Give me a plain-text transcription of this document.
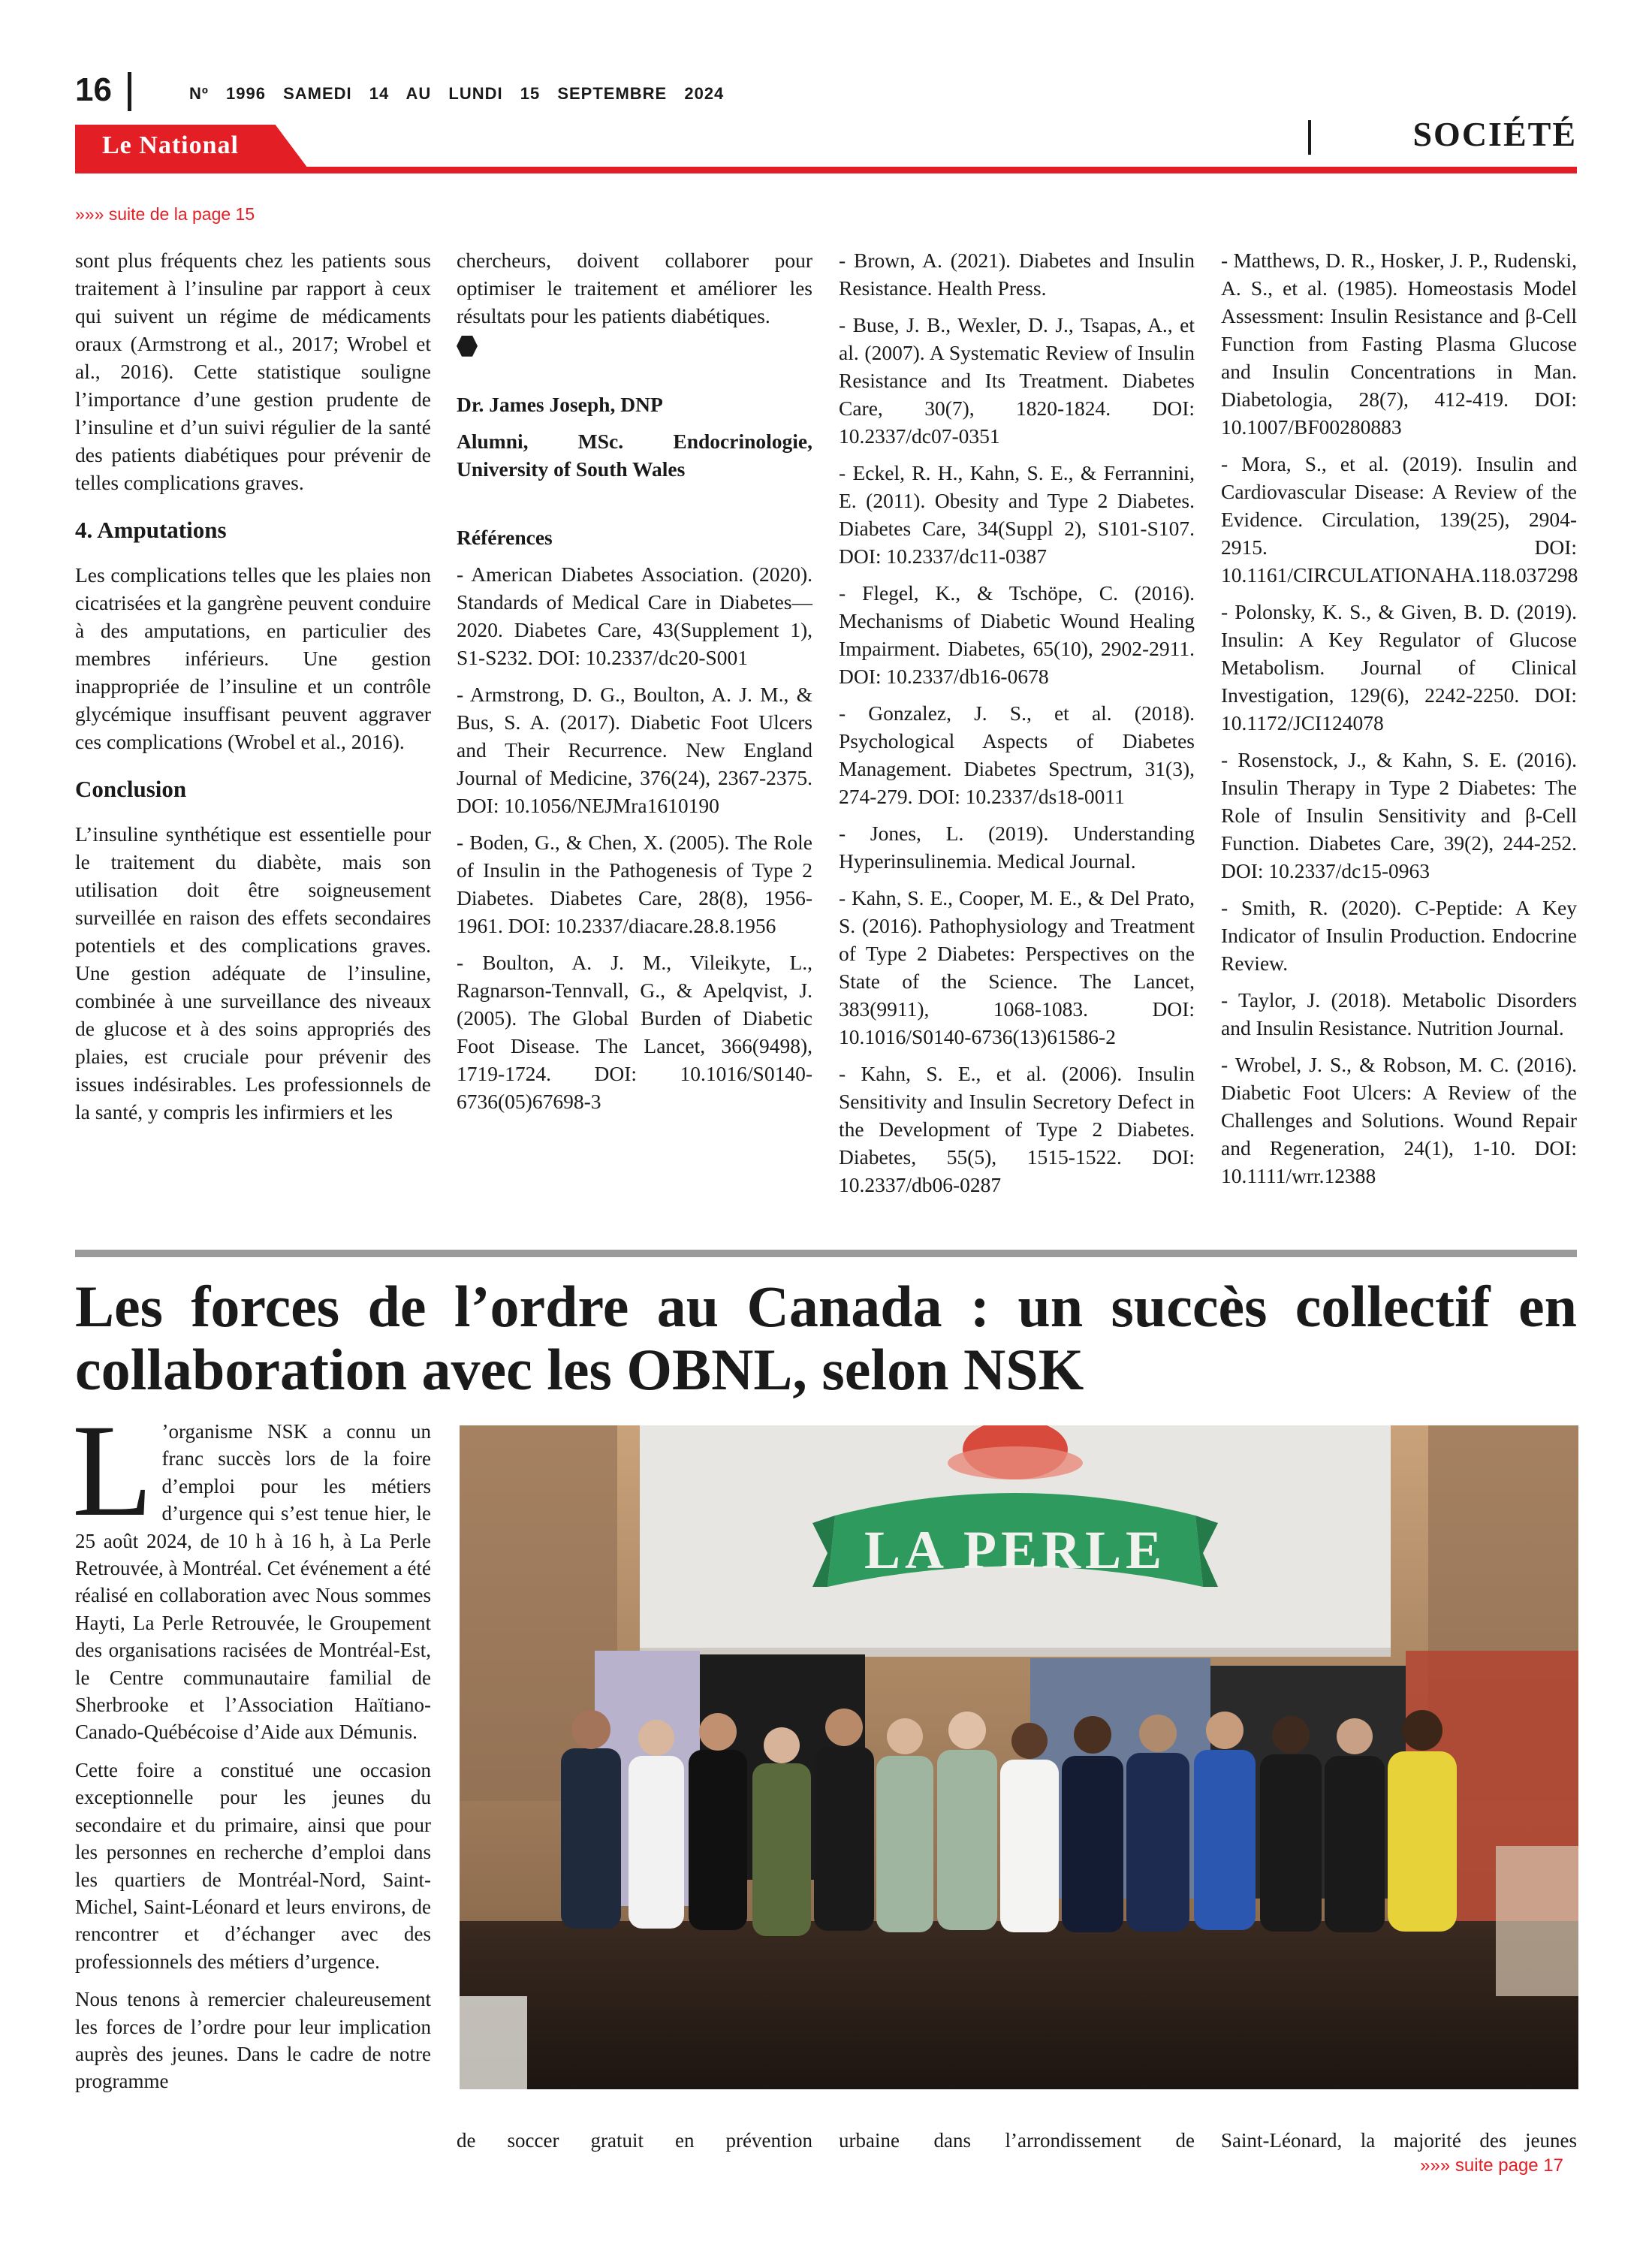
16	Nº 1996 SAMEDI 14 AU LUNDI 15 SEPTEMBRE 2024
Le National	SOCIÉTÉ
»»» suite de la page 15

sont plus fréquents chez les patients sous traitement à l’insuline par rapport à ceux qui suivent un régime de médicaments oraux (Armstrong et al., 2017; Wrobel et al., 2016). Cette statistique souligne l’importance d’une gestion prudente de l’insuline et d’un suivi régulier de la santé des patients diabétiques pour prévenir de telles complications graves.

4. Amputations

Les complications telles que les plaies non cicatrisées et la gangrène peuvent conduire à des amputations, en particulier des membres inférieurs. Une gestion inappropriée de l’insuline et un contrôle glycémique insuffisant peuvent aggraver ces complications (Wrobel et al., 2016).

Conclusion

L’insuline synthétique est essentielle pour le traitement du diabète, mais son utilisation doit être soigneusement surveillée en raison des effets secondaires potentiels et des complications graves. Une gestion adéquate de l’insuline, combinée à une surveillance des niveaux de glucose et à des soins appropriés des plaies, est cruciale pour prévenir des issues indésirables. Les professionnels de la santé, y compris les infirmiers et les

chercheurs, doivent collaborer pour optimiser le traitement et améliorer les résultats pour les patients diabétiques.

Dr. James Joseph, DNP

Alumni, MSc. Endocrinologie, University of South Wales

Références

- American Diabetes Association. (2020). Standards of Medical Care in Diabetes—2020. Diabetes Care, 43(Supplement 1), S1-S232. DOI: 10.2337/dc20-S001

- Armstrong, D. G., Boulton, A. J. M., & Bus, S. A. (2017). Diabetic Foot Ulcers and Their Recurrence. New England Journal of Medicine, 376(24), 2367-2375. DOI: 10.1056/NEJMra1610190

- Boden, G., & Chen, X. (2005). The Role of Insulin in the Pathogenesis of Type 2 Diabetes. Diabetes Care, 28(8), 1956-1961. DOI: 10.2337/diacare.28.8.1956

- Boulton, A. J. M., Vileikyte, L., Ragnarson-Tennvall, G., & Apelqvist, J. (2005). The Global Burden of Diabetic Foot Disease. The Lancet, 366(9498), 1719-1724. DOI: 10.1016/S0140-6736(05)67698-3

- Brown, A. (2021). Diabetes and Insulin Resistance. Health Press.

- Buse, J. B., Wexler, D. J., Tsapas, A., et al. (2007). A Systematic Review of Insulin Resistance and Its Treatment. Diabetes Care, 30(7), 1820-1824. DOI: 10.2337/dc07-0351

- Eckel, R. H., Kahn, S. E., & Ferrannini, E. (2011). Obesity and Type 2 Diabetes. Diabetes Care, 34(Suppl 2), S101-S107. DOI: 10.2337/dc11-0387

- Flegel, K., & Tschöpe, C. (2016). Mechanisms of Diabetic Wound Healing Impairment. Diabetes, 65(10), 2902-2911. DOI: 10.2337/db16-0678

- Gonzalez, J. S., et al. (2018). Psychological Aspects of Diabetes Management. Diabetes Spectrum, 31(3), 274-279. DOI: 10.2337/ds18-0011

- Jones, L. (2019). Understanding Hyperinsulinemia. Medical Journal.

- Kahn, S. E., Cooper, M. E., & Del Prato, S. (2016). Pathophysiology and Treatment of Type 2 Diabetes: Perspectives on the State of the Science. The Lancet, 383(9911), 1068-1083. DOI: 10.1016/S0140-6736(13)61586-2

- Kahn, S. E., et al. (2006). Insulin Sensitivity and Insulin Secretory Defect in the Development of Type 2 Diabetes. Diabetes, 55(5), 1515-1522. DOI: 10.2337/db06-0287

- Matthews, D. R., Hosker, J. P., Rudenski, A. S., et al. (1985). Homeostasis Model Assessment: Insulin Resistance and β-Cell Function from Fasting Plasma Glucose and Insulin Concentrations in Man. Diabetologia, 28(7), 412-419. DOI: 10.1007/BF00280883

- Mora, S., et al. (2019). Insulin and Cardiovascular Disease: A Review of the Evidence. Circulation, 139(25), 2904-2915. DOI: 10.1161/CIRCULATIONAHA.118.037298

- Polonsky, K. S., & Given, B. D. (2019). Insulin: A Key Regulator of Glucose Metabolism. Journal of Clinical Investigation, 129(6), 2242-2250. DOI: 10.1172/JCI124078

- Rosenstock, J., & Kahn, S. E. (2016). Insulin Therapy in Type 2 Diabetes: The Role of Insulin Sensitivity and β-Cell Function. Diabetes Care, 39(2), 244-252. DOI: 10.2337/dc15-0963

- Smith, R. (2020). C-Peptide: A Key Indicator of Insulin Production. Endocrine Review.

- Taylor, J. (2018). Metabolic Disorders and Insulin Resistance. Nutrition Journal.

- Wrobel, J. S., & Robson, M. C. (2016). Diabetic Foot Ulcers: A Review of the Challenges and Solutions. Wound Repair and Regeneration, 24(1), 1-10. DOI: 10.1111/wrr.12388

Les forces de l’ordre au Canada : un succès collectif en collaboration avec les OBNL, selon NSK

L ’organisme NSK a connu un franc succès lors de la foire d’emploi pour les métiers d’urgence qui s’est tenue hier, le 25 août 2024, de 10 h à 16 h, à La Perle Retrouvée, à Montréal. Cet événement a été réalisé en collaboration avec Nous sommes Hayti, La Perle Retrouvée, le Groupement des organisations racisées de Montréal-Est, le Centre communautaire familial de Sherbrooke et l’Association Haïtiano-Canado-Québécoise d’Aide aux Démunis.

Cette foire a constitué une occasion exceptionnelle pour les jeunes du secondaire et du primaire, ainsi que pour les personnes en recherche d’emploi dans les quartiers de Montréal-Nord, Saint-Michel, Saint-Léonard et leurs environs, de rencontrer et d’échanger avec des professionnels des métiers d’urgence.

Nous tenons à remercier chaleureusement les forces de l’ordre pour leur implication auprès des jeunes. Dans le cadre de notre programme

LA PERLE
de soccer gratuit en prévention urbaine dans l’arrondissement de Saint-Léonard, la majorité des jeunes
»»» suite page 17
